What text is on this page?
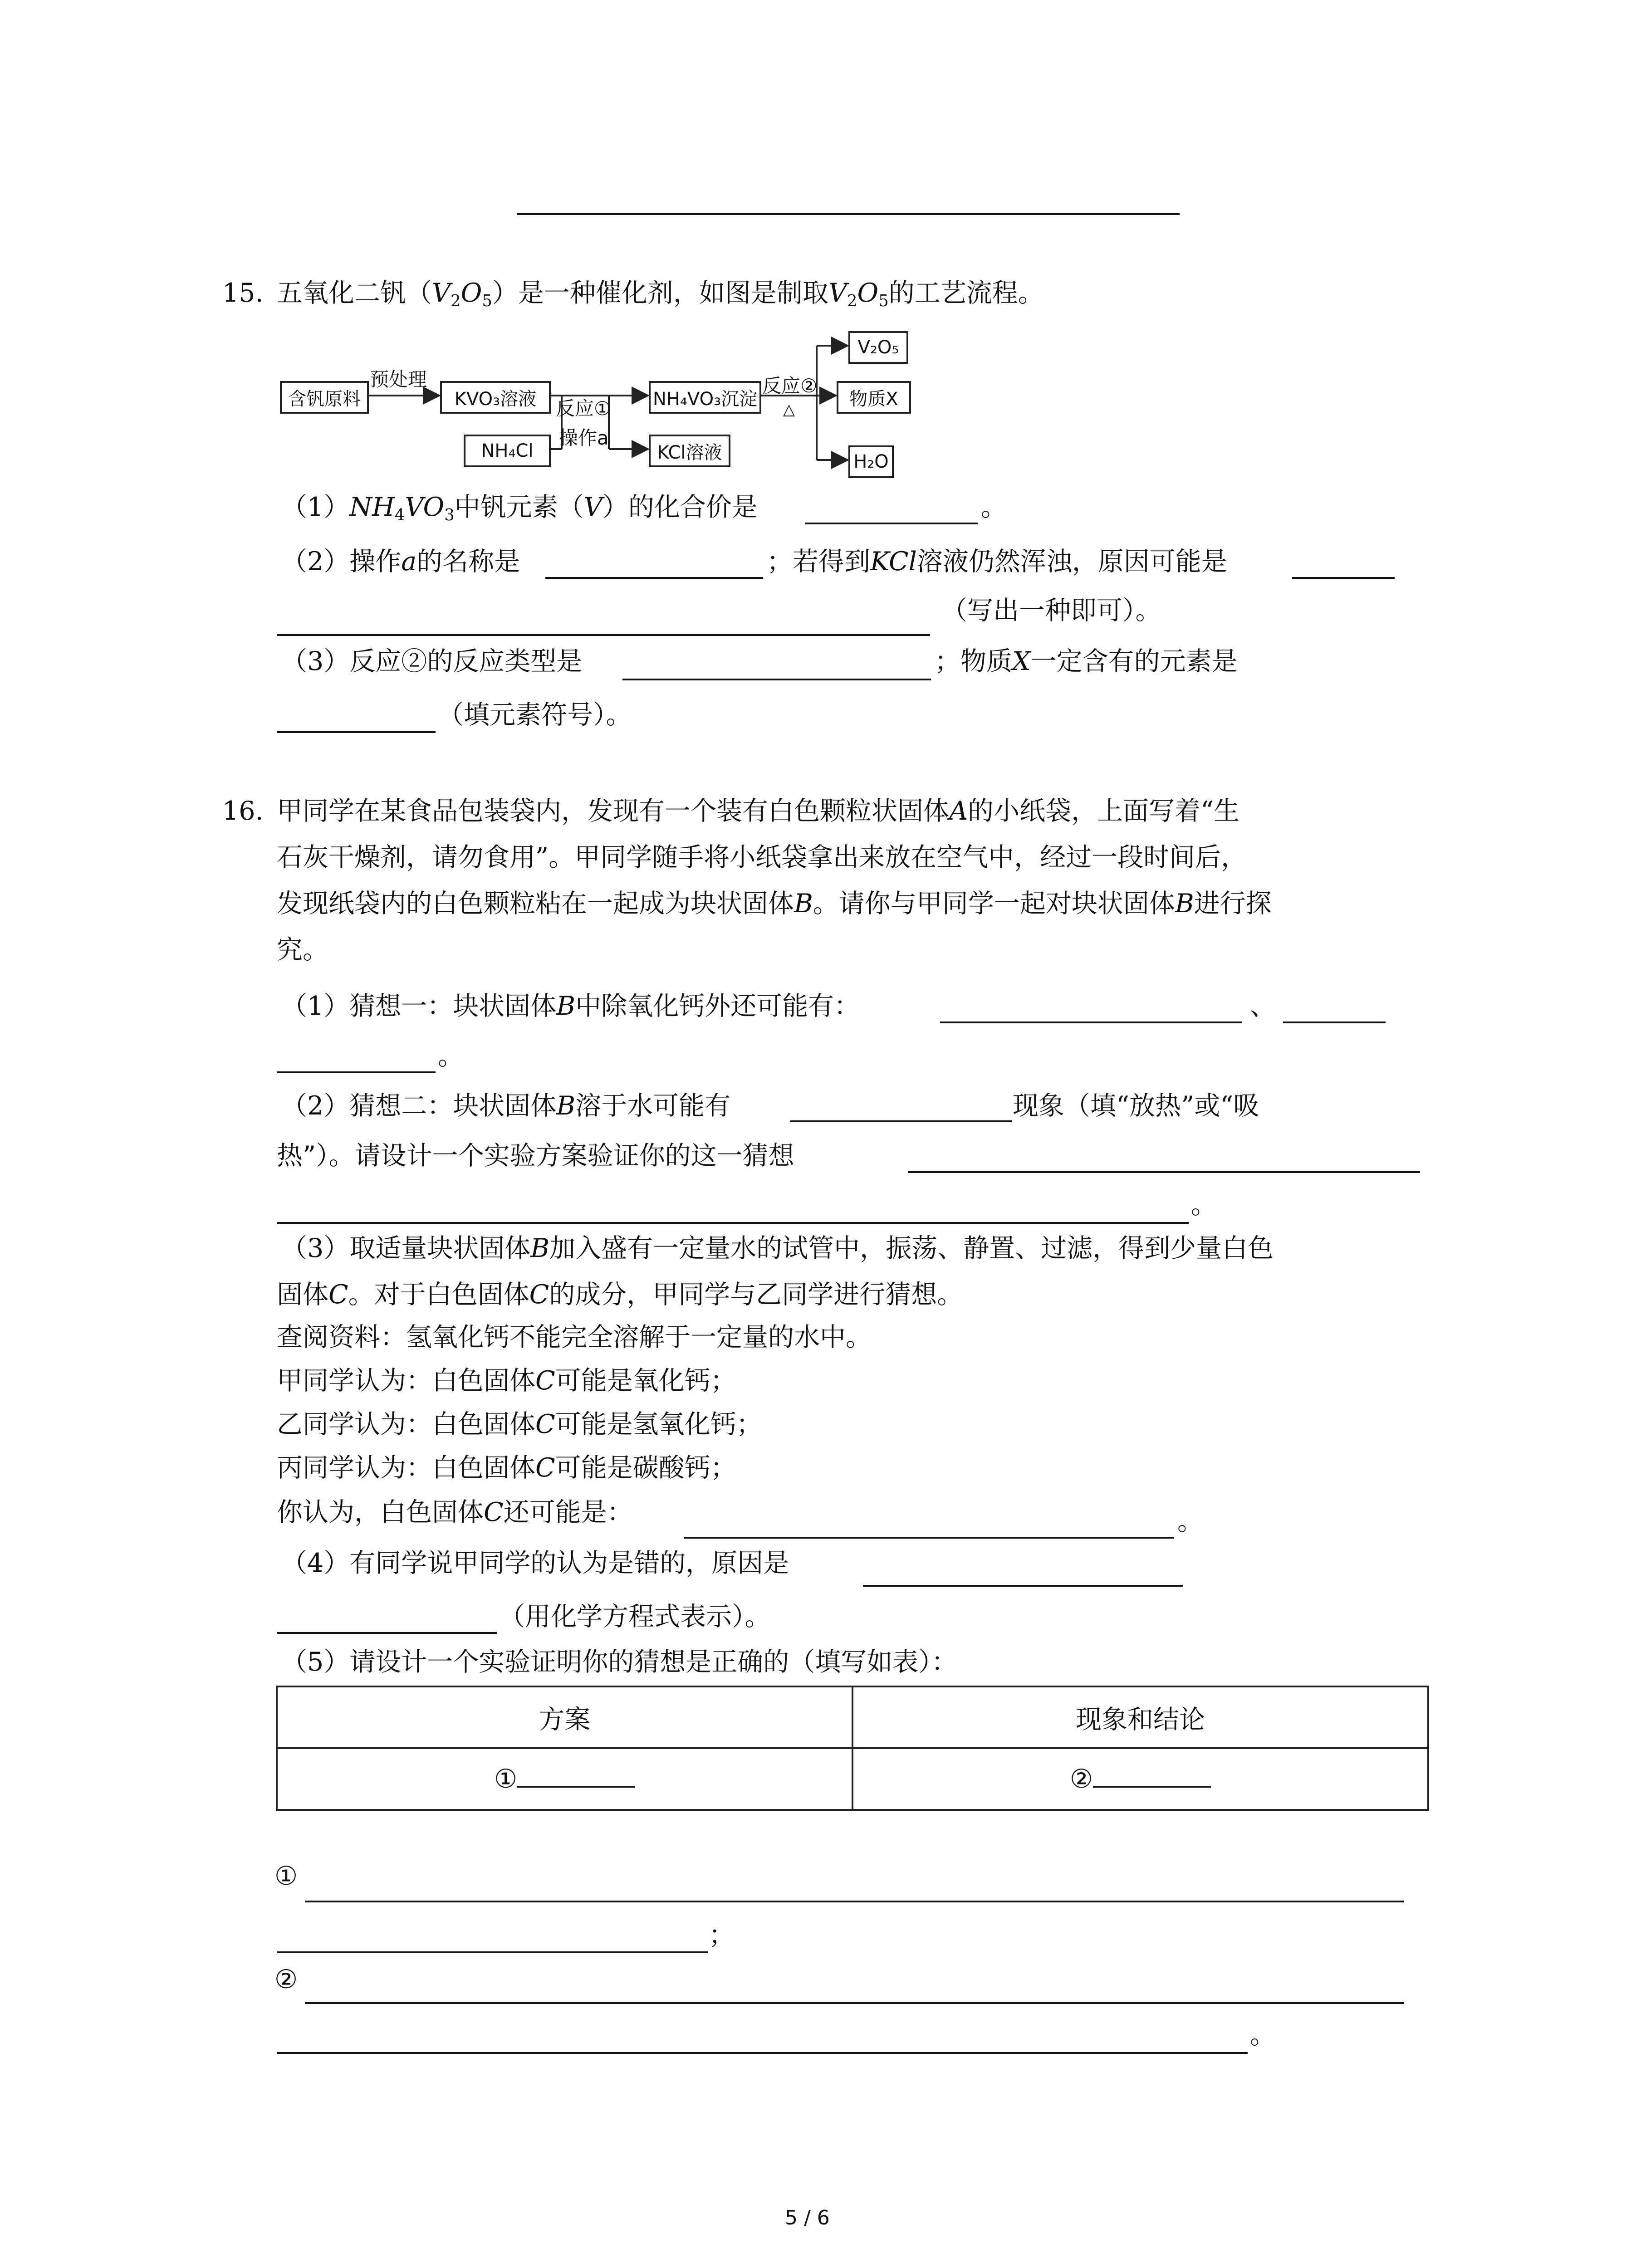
15. 五氧化二钒$(V_2O_5)$是一种催化剂，如图是制取$V_2O_5$的工艺流程。
含钒原料
预处理
KVO₃溶液	反应①
NH₄Cl
操作a
NH₄VO₃沉淀
KCl溶液
反应②
△
V₂O₅
物质X
H₂O
$(1)NH_4VO_3$中钒元素（V）的化合价是	。
（2）操作a的名称是	；若得到KCl溶液仍然浑浊，原因可能是
（写出一种即可）。
（3）反应②的反应类型是	；物质X一定含有的元素是
（填元素符号）。
16. 甲同学在某食品包装袋内，发现有一个装有白色颗粒状固体A的小纸袋，上面写着“生
石灰干燥剂，请勿食用”。甲同学随手将小纸袋拿出来放在空气中，经过一段时间后，
发现纸袋内的白色颗粒粘在一起成为块状固体B。请你与甲同学一起对块状固体B进行探
究。
（1）猜想一：块状固体B中除氧化钙外还可能有：	、
。
（2）猜想二：块状固体B溶于水可能有	现象（填“放热”或“吸
热”）。请设计一个实验方案验证你的这一猜想
。
（3）取适量块状固体B加入盛有一定量水的试管中，振荡、静置、过滤，得到少量白色
固体C。对于白色固体C的成分，甲同学与乙同学进行猜想。
查阅资料：氢氧化钙不能完全溶解于一定量的水中。
甲同学认为：白色固体C可能是氧化钙；
乙同学认为：白色固体C可能是氢氧化钙；
丙同学认为：白色固体C可能是碳酸钙；
你认为，白色固体C还可能是：	。
（4）有同学说甲同学的认为是错的，原因是
（用化学方程式表示）。
（5）请设计一个实验证明你的猜想是正确的（填写如表）：
方案	现象和结论
①	②
①
；
②
。
5 / 6
